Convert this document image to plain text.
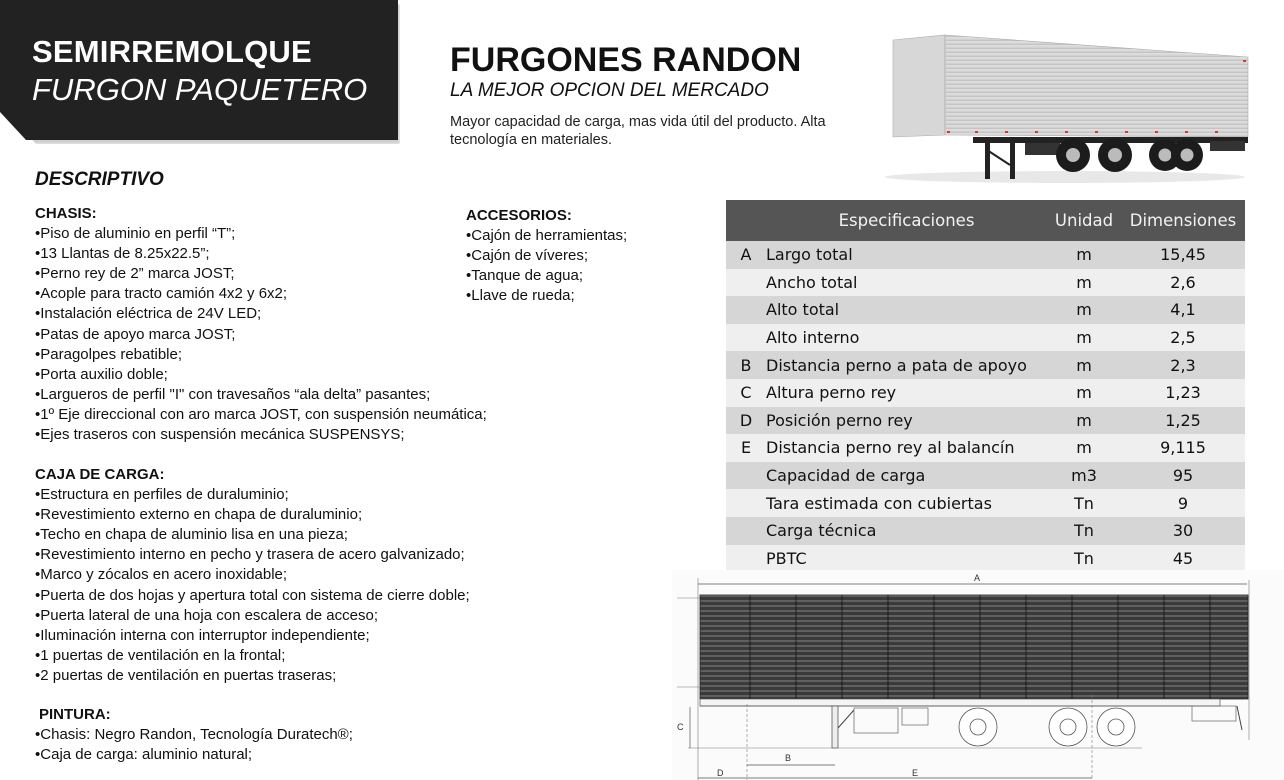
SEMIRREMOLQUE
FURGON PAQUETERO
FURGONES RANDON
LA MEJOR OPCION DEL MERCADO
Mayor capacidad de carga, mas vida útil del producto. Alta tecnología en materiales.
DESCRIPTIVO
CHASIS:
• Piso de aluminio en perfil “T”;
• 13 Llantas de 8.25x22.5”;
• Perno rey de 2” marca JOST;
• Acople para tracto camión 4x2 y 6x2;
• Instalación eléctrica de 24V LED;
• Patas de apoyo marca JOST;
• Paragolpes rebatible;
• Porta auxilio doble;
• Largueros de perfil "I" con travesaños “ala delta” pasantes;
• 1º Eje direccional con aro marca JOST, con suspensión neumática;
• Ejes traseros con suspensión mecánica SUSPENSYS;
ACCESORIOS:
• Cajón de herramientas;
• Cajón de víveres;
• Tanque de agua;
• Llave de rueda;
CAJA DE CARGA:
• Estructura en perfiles de duraluminio;
• Revestimiento externo en chapa de duraluminio;
• Techo en chapa de aluminio lisa en una pieza;
• Revestimiento interno en pecho y trasera de acero galvanizado;
• Marco y zócalos en acero inoxidable;
• Puerta de dos hojas y apertura total con sistema de cierre doble;
• Puerta lateral de una hoja con escalera de acceso;
• Iluminación interna con interruptor independiente;
• 1 puertas de ventilación en la frontal;
• 2 puertas de ventilación en puertas traseras;
PINTURA:
• Chasis: Negro Randon, Tecnología Duratech®;
• Caja de carga: aluminio natural;
	Especificaciones	Unidad	Dimensiones
A	Largo total	m	15,45
	Ancho total	m	2,6
	Alto total	m	4,1
	Alto interno	m	2,5
B	Distancia perno a pata de apoyo	m	2,3
C	Altura perno rey	m	1,23
D	Posición perno rey	m	1,25
E	Distancia perno rey al balancín	m	9,115
	Capacidad de carga	m3	95
	Tara estimada con cubiertas	Tn	9
	Carga técnica	Tn	30
	PBTC	Tn	45
A
C
B
D	E
